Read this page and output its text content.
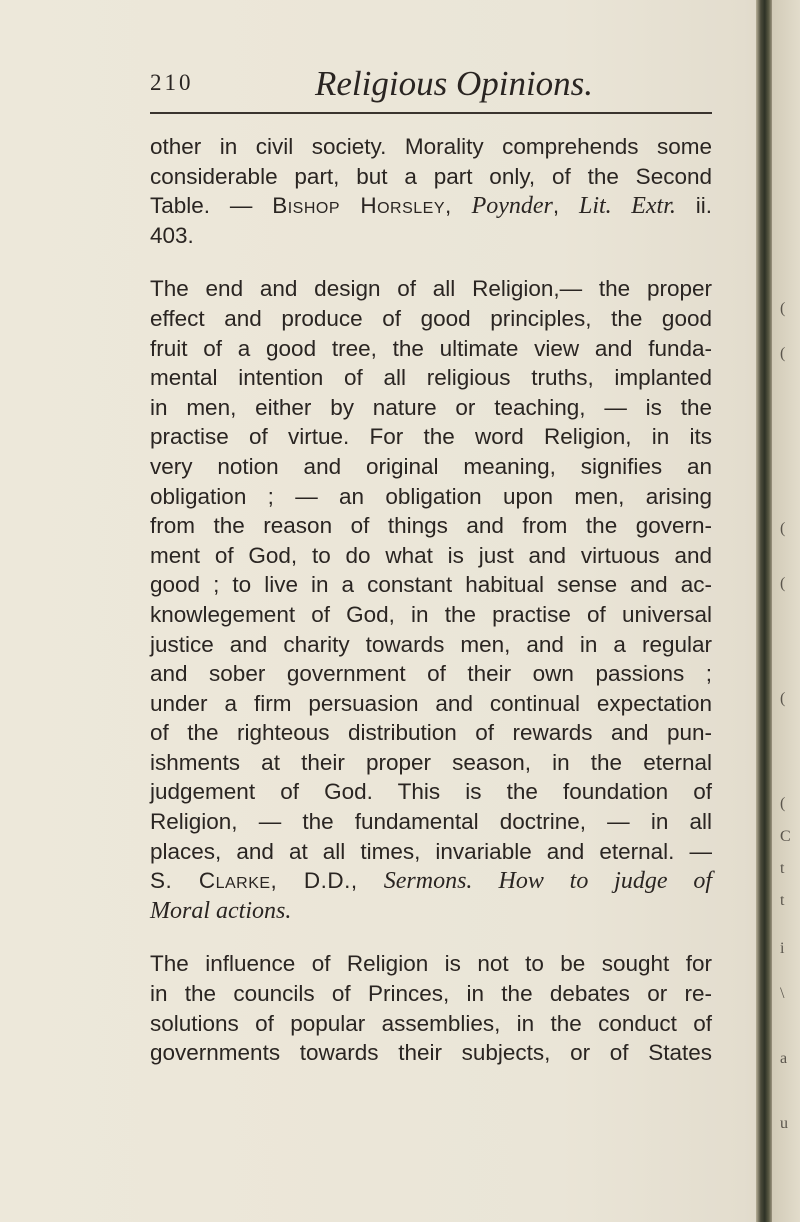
210	Religious Opinions.
other in civil society. Morality comprehends some
considerable part, but a part only, of the Second
Table. — Bishop Horsley, Poynder, Lit. Extr. ii.
403.
The end and design of all Religion,— the proper
effect and produce of good principles, the good
fruit of a good tree, the ultimate view and funda-
mental intention of all religious truths, implanted
in men, either by nature or teaching, — is the
practise of virtue. For the word Religion, in its
very notion and original meaning, signifies an
obligation ; — an obligation upon men, arising
from the reason of things and from the govern-
ment of God, to do what is just and virtuous and
good ; to live in a constant habitual sense and ac-
knowlegement of God, in the practise of universal
justice and charity towards men, and in a regular
and sober government of their own passions ;
under a firm persuasion and continual expectation
of the righteous distribution of rewards and pun-
ishments at their proper season, in the eternal
judgement of God. This is the foundation of
Religion, — the fundamental doctrine, — in all
places, and at all times, invariable and eternal. —
S. Clarke, D.D., Sermons. How to judge of
Moral actions.
The influence of Religion is not to be sought for
in the councils of Princes, in the debates or re-
solutions of popular assemblies, in the conduct of
governments towards their subjects, or of States
(
(
(
(
(
(
C
t
t
i
\
a
u
